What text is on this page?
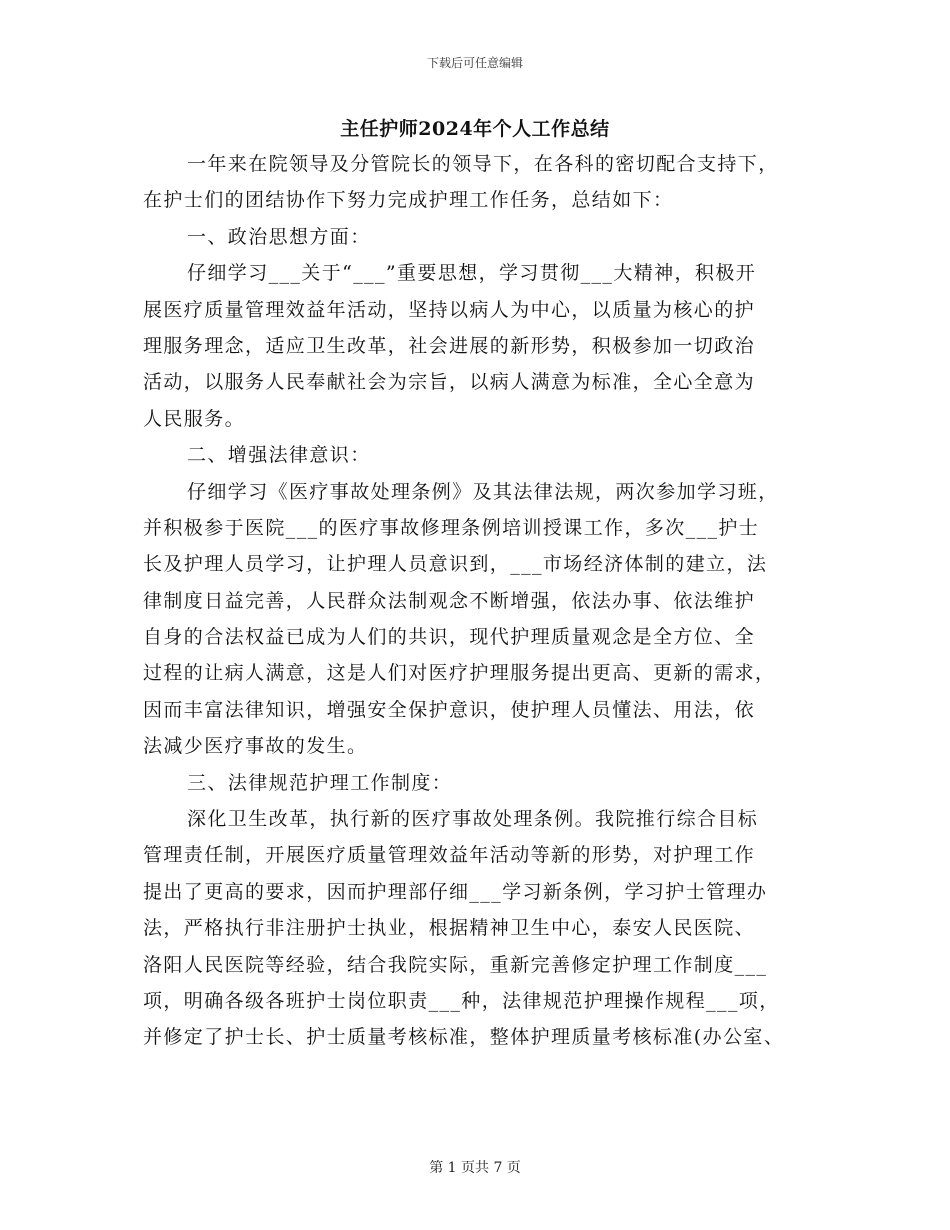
下载后可任意编辑
主任护师2024年个人工作总结
一年来在院领导及分管院长的领导下，在各科的密切配合支持下，
在护士们的团结协作下努力完成护理工作任务，总结如下：
一、政治思想方面：
仔细学习___关于“___”重要思想，学习贯彻___大精神，积极开
展医疗质量管理效益年活动，坚持以病人为中心，以质量为核心的护
理服务理念，适应卫生改革，社会进展的新形势，积极参加一切政治
活动，以服务人民奉献社会为宗旨，以病人满意为标准，全心全意为
人民服务。
二、增强法律意识：
仔细学习《医疗事故处理条例》及其法律法规，两次参加学习班，
并积极参于医院___的医疗事故修理条例培训授课工作，多次___护士
长及护理人员学习，让护理人员意识到，___市场经济体制的建立，法
律制度日益完善，人民群众法制观念不断增强，依法办事、依法维护
自身的合法权益已成为人们的共识，现代护理质量观念是全方位、全
过程的让病人满意，这是人们对医疗护理服务提出更高、更新的需求，
因而丰富法律知识，增强安全保护意识，使护理人员懂法、用法，依
法减少医疗事故的发生。
三、法律规范护理工作制度：
深化卫生改革，执行新的医疗事故处理条例。我院推行综合目标
管理责任制，开展医疗质量管理效益年活动等新的形势，对护理工作
提出了更高的要求，因而护理部仔细___学习新条例，学习护士管理办
法，严格执行非注册护士执业，根据精神卫生中心，泰安人民医院、
洛阳人民医院等经验，结合我院实际，重新完善修定护理工作制度___
项，明确各级各班护士岗位职责___种，法律规范护理操作规程___项，
并修定了护士长、护士质量考核标准，整体护理质量考核标准(办公室、
第 1 页共 7 页
